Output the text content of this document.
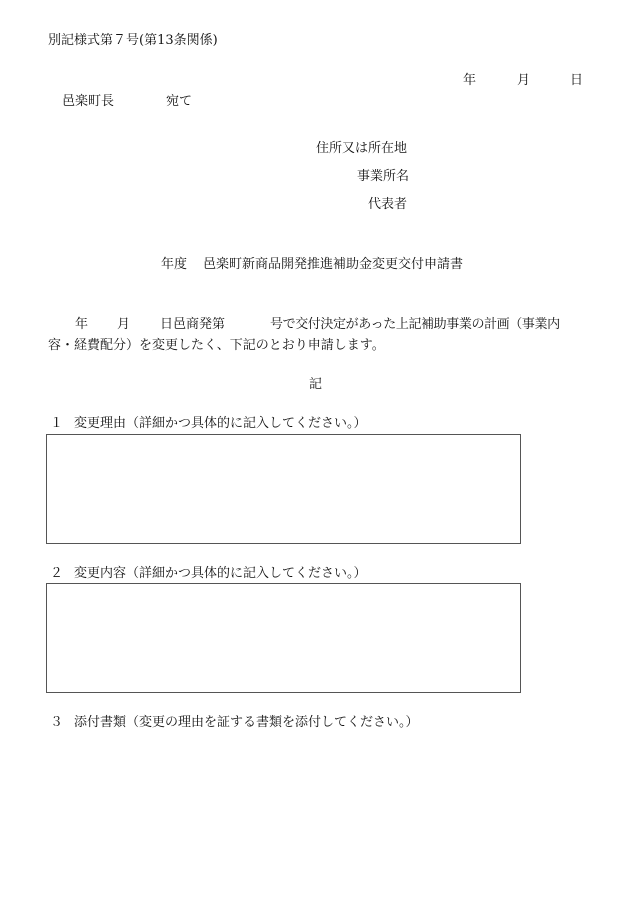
別記様式第７号(第13条関係)
年	月	日
邑楽町長	宛て
住所又は所在地
事業所名
代表者
年度 邑楽町新商品開発推進補助金変更交付申請書
年 月 日邑商発第	号で交付決定があった上記補助事業の計画（事業内
容・経費配分）を変更したく、下記のとおり申請します。
記
１ 変更理由（詳細かつ具体的に記入してください。）
２ 変更内容（詳細かつ具体的に記入してください。）
３ 添付書類（変更の理由を証する書類を添付してください。）
